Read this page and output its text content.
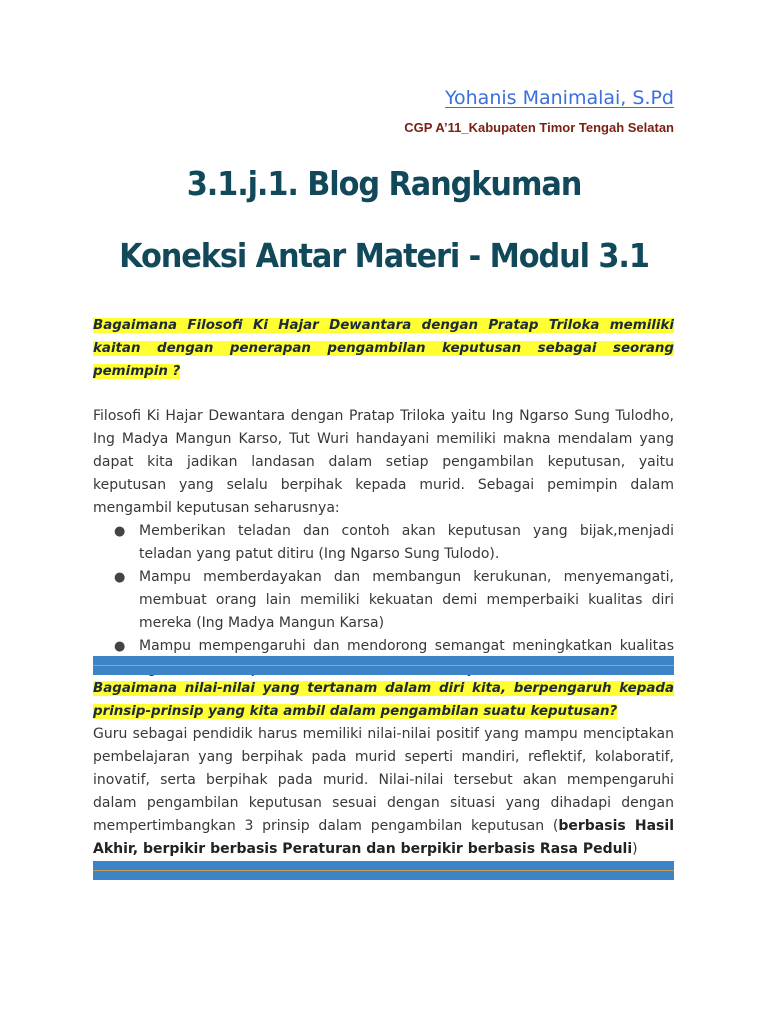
Yohanis Manimalai, S.Pd
CGP A’11_Kabupaten Timor Tengah Selatan
3.1.j.1. Blog Rangkuman
Koneksi Antar Materi - Modul 3.1
Bagaimana Filosofi Ki Hajar Dewantara dengan Pratap Triloka memiliki kaitan dengan penerapan pengambilan keputusan sebagai seorang pemimpin ?
Filosofi Ki Hajar Dewantara dengan Pratap Triloka yaitu Ing Ngarso Sung Tulodho, Ing Madya Mangun Karso, Tut Wuri handayani memiliki makna mendalam yang dapat kita jadikan landasan dalam setiap pengambilan keputusan, yaitu keputusan yang selalu berpihak kepada murid. Sebagai pemimpin dalam mengambil keputusan seharusnya:
● Memberikan teladan dan contoh akan keputusan yang bijak,menjadi teladan yang patut ditiru (Ing Ngarso Sung Tulodo).
● Mampu memberdayakan dan membangun kerukunan, menyemangati, membuat orang lain memiliki kekuatan demi memperbaiki kualitas diri mereka (Ing Madya Mangun Karsa)
● Mampu mempengaruhi dan mendorong semangat meningkatkan kualitas
Bagaimana nilai-nilai yang tertanam dalam diri kita, berpengaruh kepada prinsip-prinsip yang kita ambil dalam pengambilan suatu keputusan?
Guru sebagai pendidik harus memiliki nilai-nilai positif yang mampu menciptakan pembelajaran yang berpihak pada murid seperti mandiri, reflektif, kolaboratif, inovatif, serta berpihak pada murid. Nilai-nilai tersebut akan mempengaruhi dalam pengambilan keputusan sesuai dengan situasi yang dihadapi dengan mempertimbangkan 3 prinsip dalam pengambilan keputusan (berbasis Hasil Akhir, berpikir berbasis Peraturan dan berpikir berbasis Rasa Peduli)
